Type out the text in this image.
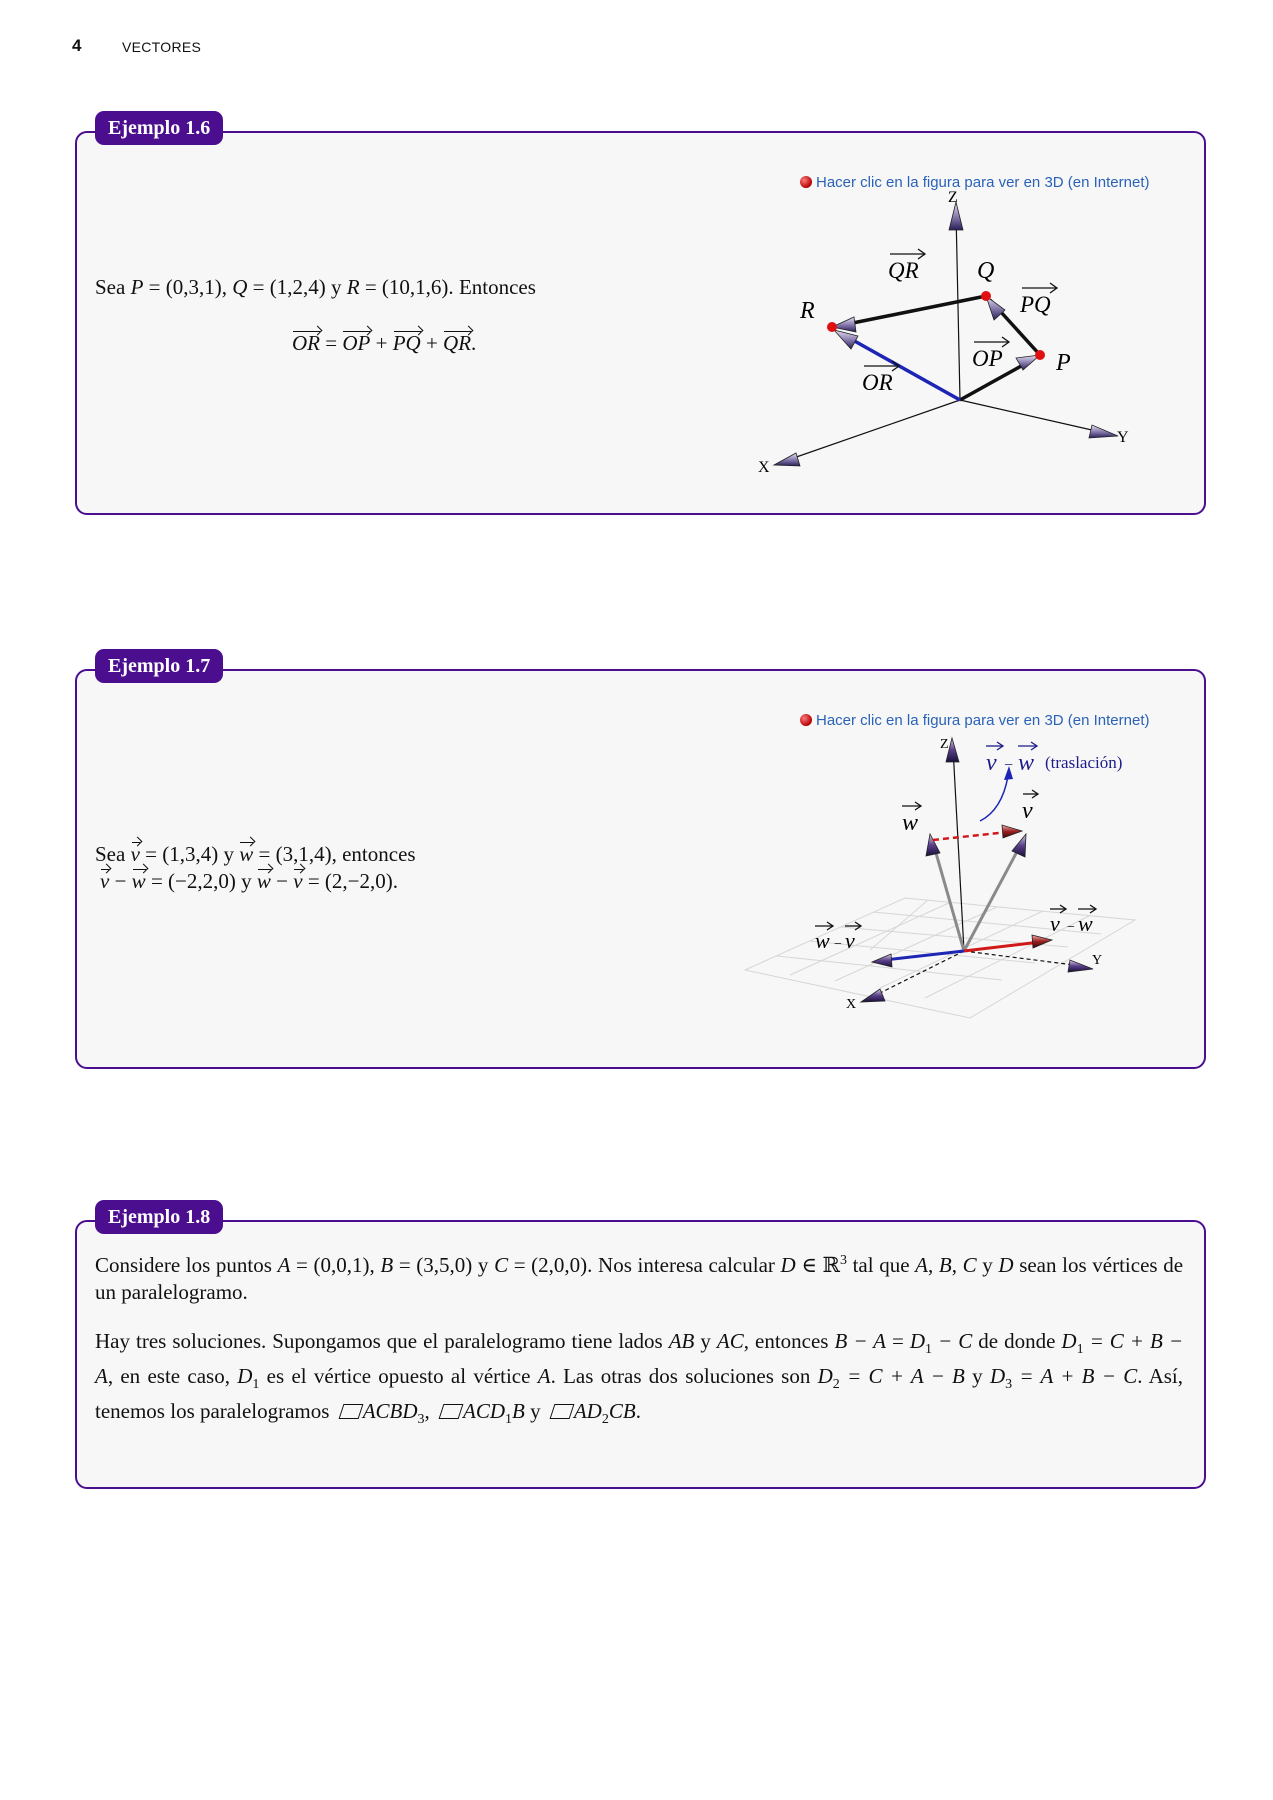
4	VECTORES
Ejemplo 1.6
Hacer clic en la figura para ver en 3D (en Internet)
Sea P = (0,3,1), Q = (1,2,4) y R = (10,1,6). Entonces
OR = OP + PQ + QR.
Z
Y
X
Q
R
P
QR
PQ
OP
OR
Ejemplo 1.7
Hacer clic en la figura para ver en 3D (en Internet)
Sea v = (1,3,4) y w = (3,1,4), entonces
v − w = (−2,2,0) y w − v = (2,−2,0).
Z
Y
X
v − w (traslación)
w	v
v − w
w − v
Ejemplo 1.8
Considere los puntos A = (0,0,1), B = (3,5,0) y C = (2,0,0). Nos interesa calcular D ∈ ℝ$^3$ tal que A, B, C y D sean los vértices de un paralelogramo.
Hay tres soluciones. Supongamos que el paralelogramo tiene lados AB y AC, entonces $B - A = D_1 - C$ de donde $D_1 = C + B - A$, en este caso, $D_1$ es el vértice opuesto al vértice A. Las otras dos soluciones son $D_2 = C + A - B$ y $D_3 = A + B - C$. Así, tenemos los paralelogramos $ACBD_3$, $ACD_1B$ y $AD_2CB$.
